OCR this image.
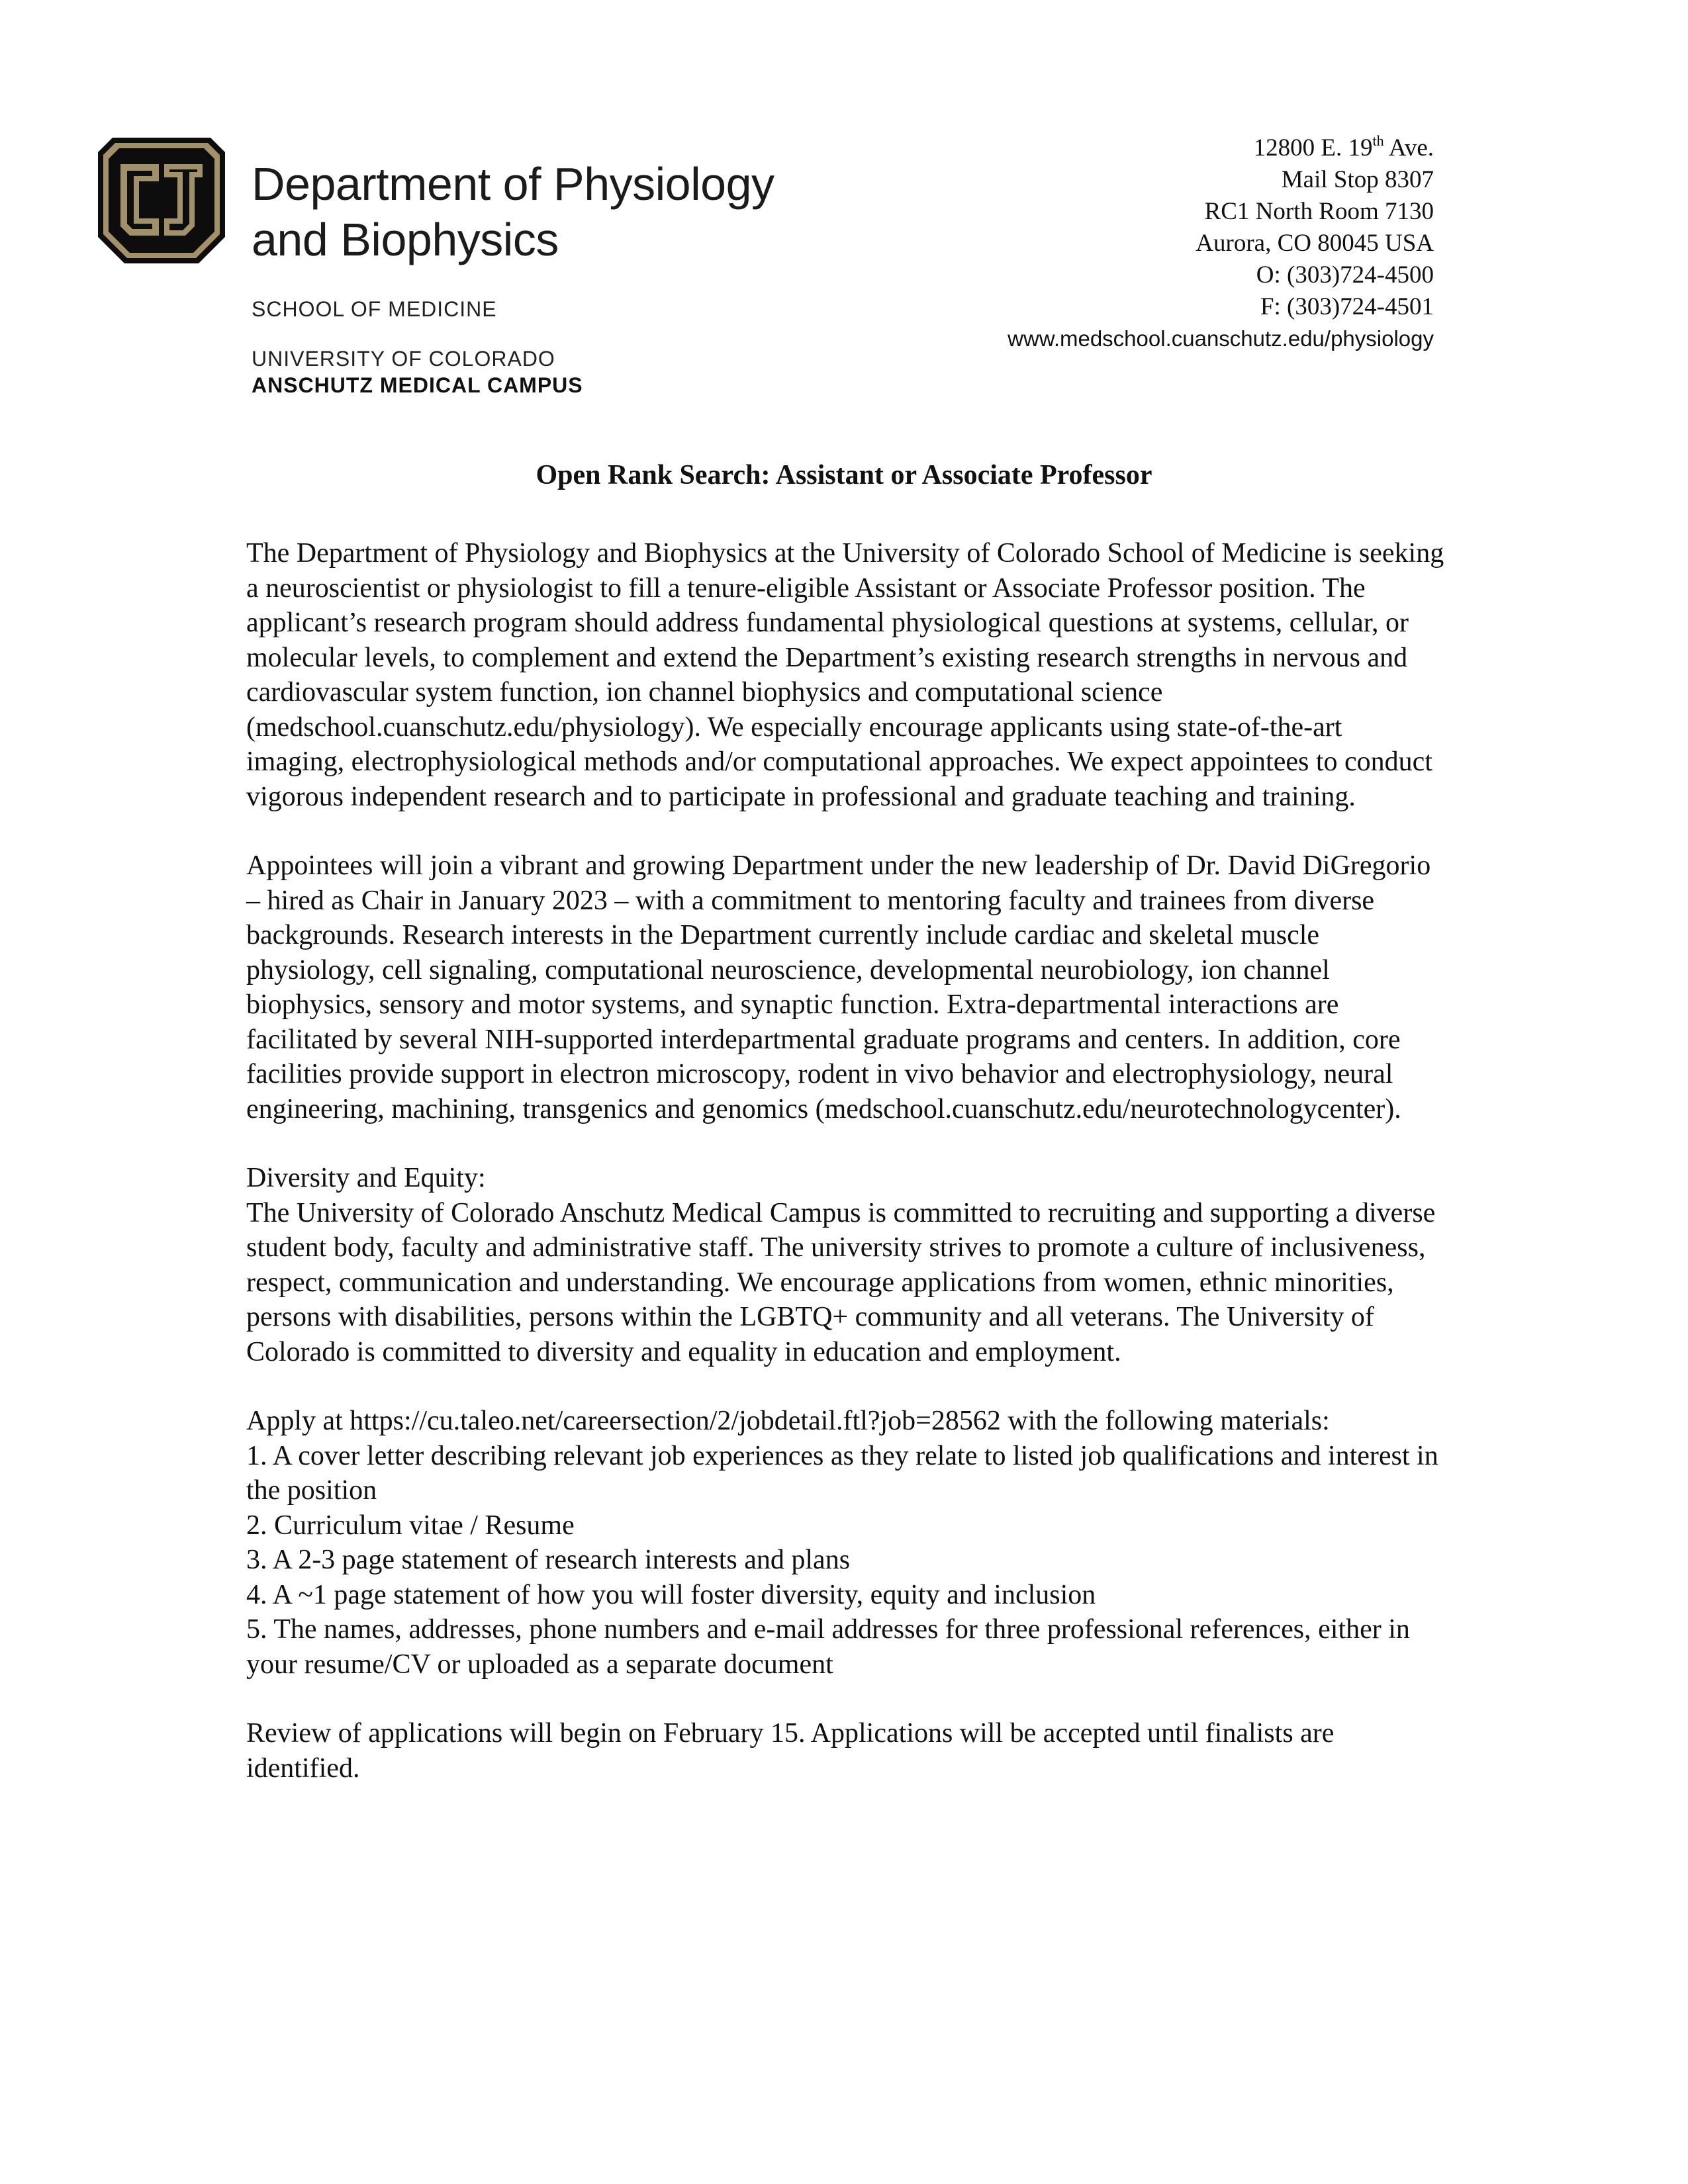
Department of Physiology
and Biophysics
SCHOOL OF MEDICINE
UNIVERSITY OF COLORADO
ANSCHUTZ MEDICAL CAMPUS
12800 E. 19th Ave.
Mail Stop 8307
RC1 North Room 7130
Aurora, CO 80045 USA
O: (303)724-4500
F: (303)724-4501
www.medschool.cuanschutz.edu/physiology
Open Rank Search: Assistant or Associate Professor

The Department of Physiology and Biophysics at the University of Colorado School of Medicine is seeking a neuroscientist or physiologist to fill a tenure-eligible Assistant or Associate Professor position. The applicant’s research program should address fundamental physiological questions at systems, cellular, or molecular levels, to complement and extend the Department’s existing research strengths in nervous and cardiovascular system function, ion channel biophysics and computational science (medschool.cuanschutz.edu/physiology). We especially encourage applicants using state-of-the-art imaging, electrophysiological methods and/or computational approaches. We expect appointees to conduct vigorous independent research and to participate in professional and graduate teaching and training.

Appointees will join a vibrant and growing Department under the new leadership of Dr. David DiGregorio – hired as Chair in January 2023 – with a commitment to mentoring faculty and trainees from diverse backgrounds. Research interests in the Department currently include cardiac and skeletal muscle physiology, cell signaling, computational neuroscience, developmental neurobiology, ion channel biophysics, sensory and motor systems, and synaptic function. Extra-departmental interactions are facilitated by several NIH-supported interdepartmental graduate programs and centers. In addition, core facilities provide support in electron microscopy, rodent in vivo behavior and electrophysiology, neural engineering, machining, transgenics and genomics (medschool.cuanschutz.edu/neurotechnologycenter).

Diversity and Equity:

The University of Colorado Anschutz Medical Campus is committed to recruiting and supporting a diverse student body, faculty and administrative staff. The university strives to promote a culture of inclusiveness, respect, communication and understanding. We encourage applications from women, ethnic minorities, persons with disabilities, persons within the LGBTQ+ community and all veterans. The University of Colorado is committed to diversity and equality in education and employment.

Apply at https://cu.taleo.net/careersection/2/jobdetail.ftl?job=28562 with the following materials:

1. A cover letter describing relevant job experiences as they relate to listed job qualifications and interest in the position
2. Curriculum vitae / Resume
3. A 2-3 page statement of research interests and plans
4. A ~1 page statement of how you will foster diversity, equity and inclusion
5. The names, addresses, phone numbers and e-mail addresses for three professional references, either in your resume/CV or uploaded as a separate document

Review of applications will begin on February 15. Applications will be accepted until finalists are identified.
